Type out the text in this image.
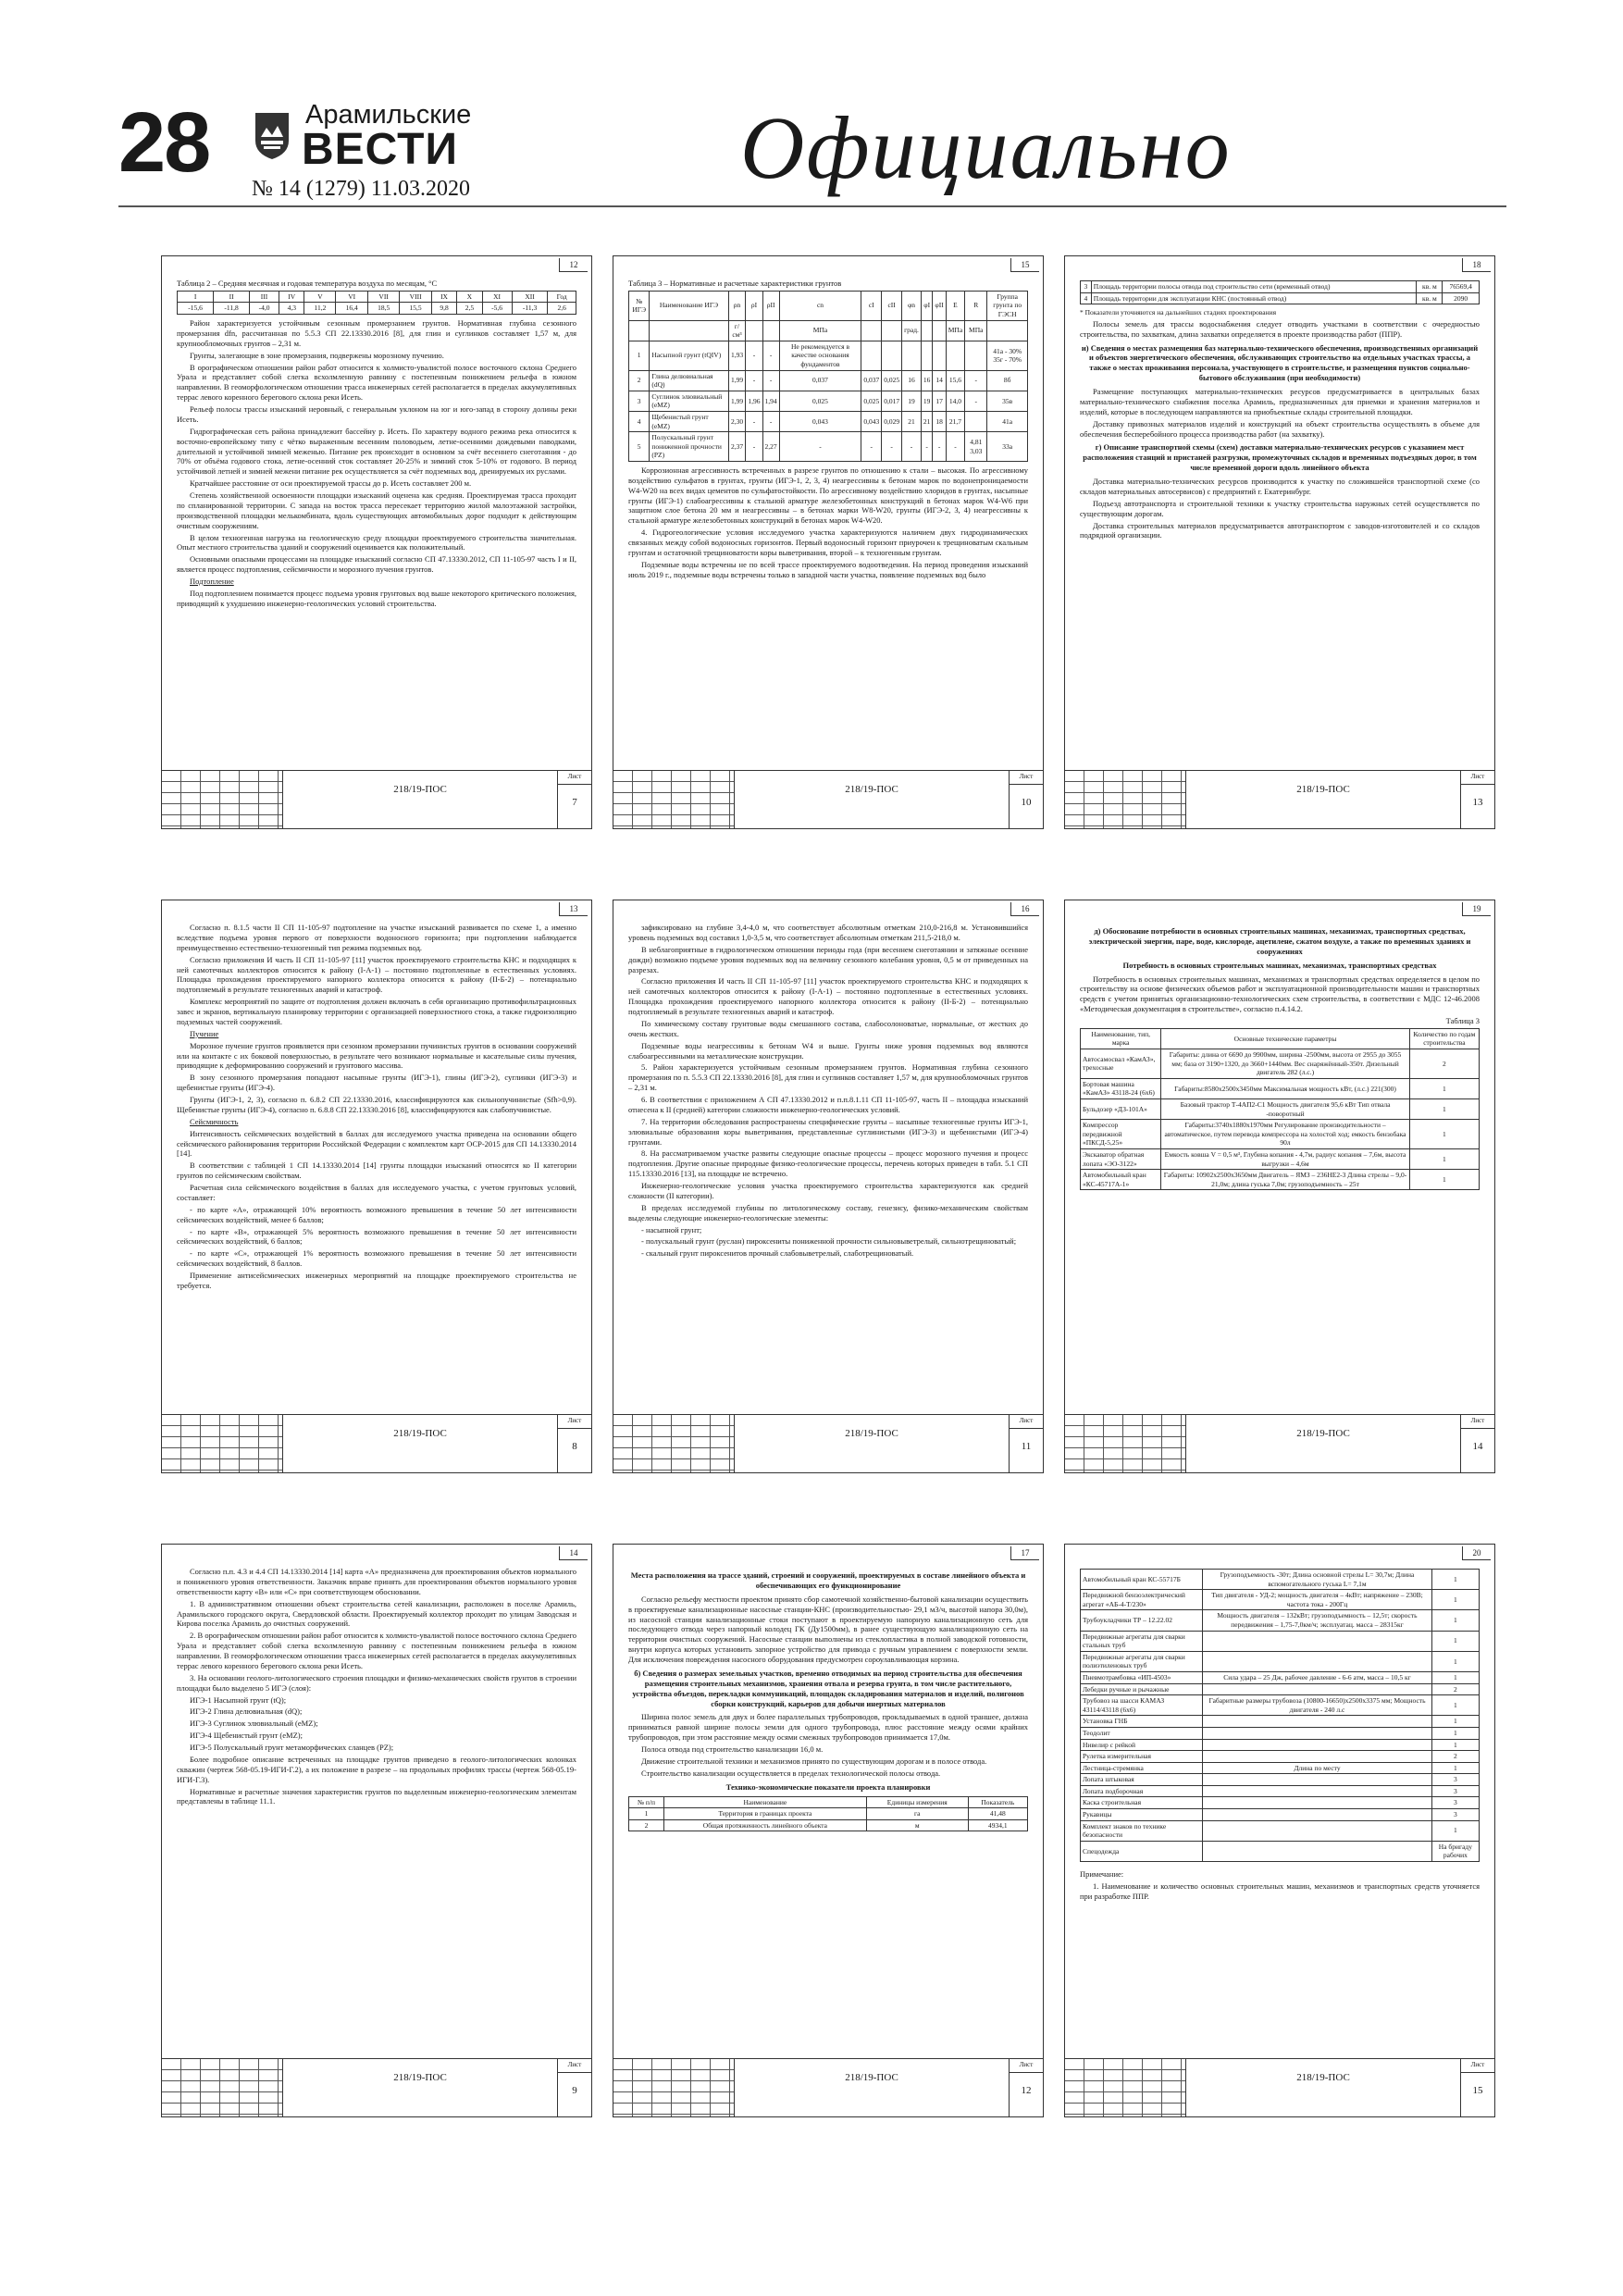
28	Арамильские
ВЕСТИ
№ 14 (1279) 11.03.2020	Официально
12

Таблица 2 – Средняя месячная и годовая температура воздуха по месяцам, °С

I	II	III	IV	V	VI	VII	VIII	IX	X	XI	XII	Год
-15,6	-11,8	-4,0	4,3	11,2	16,4	18,5	15,5	9,8	2,5	-5,6	-11,3	2,6

Район характеризуется устойчивым сезонным промерзанием грунтов. Нормативная глубина сезонного промерзания dfn, рассчитанная по 5.5.3 СП 22.13330.2016 [8], для глин и суглинков составляет 1,57 м, для крупнообломочных грунтов – 2,31 м.

Грунты, залегающие в зоне промерзания, подвержены морозному пучению.

В орографическом отношении район работ относится к холмисто-увалистой полосе восточного склона Среднего Урала и представляет собой слегка всхолмленную равнину с постепенным понижением рельефа в южном направлении. В геоморфологическом отношении трасса инженерных сетей располагается в пределах аккумулятивных террас левого коренного берегового склона реки Исеть.

Рельеф полосы трассы изысканий неровный, с генеральным уклоном на юг и юго-запад в сторону долины реки Исеть.

Гидрографическая сеть района принадлежит бассейну р. Исеть. По характеру водного режима река относится к восточно-европейскому типу с чётко выраженным весенним половодьем, летне-осенними дождевыми паводками, длительной и устойчивой зимней меженью. Питание рек происходит в основном за счёт весеннего снеготаяния - до 70% от объёма годового стока, летне-осенний сток составляет 20-25% и зимний сток 5-10% от годового. В период устойчивой летней и зимней межени питание рек осуществляется за счёт подземных вод, дренируемых их руслами.

Кратчайшее расстояние от оси проектируемой трассы до р. Исеть составляет 200 м.

Степень хозяйственной освоенности площадки изысканий оценена как средняя. Проектируемая трасса проходит по спланированной территории. С запада на восток трасса пересекает территорию жилой малоэтажной застройки, производственной площадки мелькомбината, вдоль существующих автомобильных дорог подходит к действующим очистным сооружениям.

В целом техногенная нагрузка на геологическую среду площадки проектируемого строительства значительная. Опыт местного строительства зданий и сооружений оценивается как положительный.

Основными опасными процессами на площадке изысканий согласно СП 47.13330.2012, СП 11-105-97 часть I и II, является процесс подтопления, сейсмичности и морозного пучения грунтов.

Подтопление

Под подтоплением понимается процесс подъема уровня грунтовых вод выше некоторого критического положения, приводящий к ухудшению инженерно-геологических условий строительства.

218/19-ПОС
Лист
7
15

Таблица 3 – Нормативные и расчетные характеристики грунтов

№ ИГЭ	Наименование ИГЭ	ρn	ρI	ρII	cn	cI	cII	φn	φI	φII	E	R	Группа грунта по ГЭСН
		г/см³			МПа			град.			МПа	МПа	
1	Насыпной грунт (tQIV)	1,93	-	-	Не рекомендуется в качестве основания фундаментов								41а - 30% 35г - 70%
2	Глина делювиальная (dQ)	1,99	-	-	0,037	0,037	0,025	16	16	14	15,6	-	8б
3	Суглинок элювиальный (eMZ)	1,99	1,96	1,94	0,025	0,025	0,017	19	19	17	14,0	-	35в
4	Щебенистый грунт (eMZ)	2,30	-	-	0,043	0,043	0,029	21	21	18	21,7		41а
5	Полускальный грунт пониженной прочности (PZ)	2,37	-	2,27	-	-	-	-	-	-	-	4,81 3,03	33а

Коррозионная агрессивность встреченных в разрезе грунтов по отношению к стали – высокая. По агрессивному воздействию сульфатов в грунтах, грунты (ИГЭ-1, 2, 3, 4) неагрессивны к бетонам марок по водонепроницаемости W4-W20 на всех видах цементов по сульфатостойкости. По агрессивному воздействию хлоридов в грунтах, насыпные грунты (ИГЭ-1) слабоагрессивны к стальной арматуре железобетонных конструкций в бетонах марок W4-W6 при защитном слое бетона 20 мм и неагрессивны – в бетонах марки W8-W20, грунты (ИГЭ-2, 3, 4) неагрессивны к стальной арматуре железобетонных конструкций в бетонах марок W4-W20.

4. Гидрогеологические условия исследуемого участка характеризуются наличием двух гидродинамических связанных между собой водоносных горизонтов. Первый водоносный горизонт приурочен к трещиноватым скальным грунтам и остаточной трещиноватости коры выветривания, второй – к техногенным грунтам.

Подземные воды встречены не по всей трассе проектируемого водоотведения. На период проведения изысканий июль 2019 г., подземные воды встречены только в западной части участка, появление подземных вод было

218/19-ПОС
Лист
10
18
3	Площадь территории полосы отвода под строительство сети (временный отвод)	кв. м	76569,4
4	Площадь территории для эксплуатации КНС (постоянный отвод)	кв. м	2090

* Показатели уточняются на дальнейших стадиях проектирования

Полосы земель для трассы водоснабжения следует отводить участками в соответствии с очередностью строительства, по захваткам, длина захватки определяется в проекте производства работ (ППР).

и) Сведения о местах размещения баз материально-технического обеспечения, производственных организаций и объектов энергетического обеспечения, обслуживающих строительство на отдельных участках трассы, а также о местах проживания персонала, участвующего в строительстве, и размещения пунктов социально-бытового обслуживания (при необходимости)

Размещение поступающих материально-технических ресурсов предусматривается в центральных базах материально-технического снабжения поселка Арамиль, предназначенных для приемки и хранения материалов и изделий, которые в последующем направляются на приобъектные склады строительной площадки.

Доставку привозных материалов изделий и конструкций на объект строительства осуществлять в объеме для обеспечения бесперебойного процесса производства работ (на захватку).

г) Описание транспортной схемы (схем) доставки материально-технических ресурсов с указанием мест расположения станций и пристаней разгрузки, промежуточных складов и временных подъездных дорог, в том числе временной дороги вдоль линейного объекта

Доставка материально-технических ресурсов производится к участку по сложившейся транспортной схеме (со складов материальных автосервисов) с предприятий г. Екатеринбург.

Подъезд автотранспорта и строительной техники к участку строительства наружных сетей осуществляется по существующим дорогам.

Доставка строительных материалов предусматривается автотранспортом с заводов-изготовителей и со складов подрядной организации.

218/19-ПОС
Лист
13
13

Согласно п. 8.1.5 части II СП 11-105-97 подтопление на участке изысканий развивается по схеме 1, а именно вследствие подъема уровня первого от поверхности водоносного горизонта; при подтоплении наблюдается преимущественно естественно-техногенный тип режима подземных вод.

Согласно приложения И часть II СП 11-105-97 [11] участок проектируемого строительства КНС и подходящих к ней самотечных коллекторов относится к району (I-А-1) – постоянно подтопленные в естественных условиях. Площадка прохождения проектируемого напорного коллектора относится к району (II-Б-2) – потенциально подтопляемый в результате техногенных аварий и катастроф.

Комплекс мероприятий по защите от подтопления должен включать в себя организацию противофильтрационных завес и экранов, вертикальную планировку территории с организацией поверхностного стока, а также гидроизоляцию подземных частей сооружений.

Пучение

Морозное пучение грунтов проявляется при сезонном промерзании пучинистых грунтов в основании сооружений или на контакте с их боковой поверхностью, в результате чего возникают нормальные и касательные силы пучения, приводящие к деформированию сооружений и грунтового массива.

В зону сезонного промерзания попадают насыпные грунты (ИГЭ-1), глины (ИГЭ-2), суглинки (ИГЭ-3) и щебенистые грунты (ИГЭ-4).

Грунты (ИГЭ-1, 2, 3), согласно п. 6.8.2 СП 22.13330.2016, классифицируются как сильнопучинистые (Sfh>0,9). Щебенистые грунты (ИГЭ-4), согласно п. 6.8.8 СП 22.13330.2016 [8], классифицируются как слабопучинистые.

Сейсмичность

Интенсивность сейсмических воздействий в баллах для исследуемого участка приведена на основании общего сейсмического районирования территории Российской Федерации с комплектом карт ОСР-2015 для СП 14.13330.2014 [14].

В соответствии с таблицей 1 СП 14.13330.2014 [14] грунты площадки изысканий относятся ко II категории грунтов по сейсмическим свойствам.

Расчетная сила сейсмического воздействия в баллах для исследуемого участка, с учетом грунтовых условий, составляет:

- по карте «А», отражающей 10% вероятность возможного превышения в течение 50 лет интенсивности сейсмических воздействий, менее 6 баллов;

- по карте «В», отражающей 5% вероятность возможного превышения в течение 50 лет интенсивности сейсмических воздействий, 6 баллов;

- по карте «С», отражающей 1% вероятность возможного превышения в течение 50 лет интенсивности сейсмических воздействий, 8 баллов.

Применение антисейсмических инженерных мероприятий на площадке проектируемого строительства не требуется.

218/19-ПОС
Лист
8
16

зафиксировано на глубине 3,4-4,0 м, что соответствует абсолютным отметкам 210,0-216,8 м. Установившийся уровень подземных вод составил 1,0-3,5 м, что соответствует абсолютным отметкам 211,5-218,0 м.

В неблагоприятные в гидрологическом отношении периоды года (при весеннем снеготаянии и затяжные осенние дожди) возможно подъеме уровня подземных вод на величину сезонного колебания уровня, 0,5 м от приведенных на разрезах.

Согласно приложения И часть II СП 11-105-97 [11] участок проектируемого строительства КНС и подходящих к ней самотечных коллекторов относится к району (I-А-1) – постоянно подтопленные в естественных условиях. Площадка прохождения проектируемого напорного коллектора относится к району (II-Б-2) – потенциально подтопляемый в результате техногенных аварий и катастроф.

По химическому составу грунтовые воды смешанного состава, слабосолоноватые, нормальные, от жестких до очень жестких.

Подземные воды неагрессивны к бетонам W4 и выше. Грунты ниже уровня подземных вод являются слабоагрессивными на металлические конструкции.

5. Район характеризуется устойчивым сезонным промерзанием грунтов. Нормативная глубина сезонного промерзания по п. 5.5.3 СП 22.13330.2016 [8], для глин и суглинков составляет 1,57 м, для крупнообломочных грунтов – 2,31 м.

6. В соответствии с приложением А СП 47.13330.2012 и п.п.8.1.11 СП 11-105-97, часть II – площадка изысканий отнесена к II (средней) категории сложности инженерно-геологических условий.

7. На территории обследования распространены специфические грунты – насыпные техногенные грунты ИГЭ-1, элювиальные образования коры выветривания, представленные суглинистыми (ИГЭ-3) и щебенистыми (ИГЭ-4) грунтами.

8. На рассматриваемом участке развиты следующие опасные процессы – процесс морозного пучения и процесс подтопления. Другие опасные природные физико-геологические процессы, перечень которых приведен в табл. 5.1 СП 115.13330.2016 [13], на площадке не встречено.

Инженерно-геологические условия участка проектируемого строительства характеризуются как средней сложности (II категории).

В пределах исследуемой глубины по литологическому составу, генезису, физико-механическим свойствам выделены следующие инженерно-геологические элементы:

- насыпной грунт;

- полускальный грунт (руслан) пироксениты пониженной прочности сильновыветрелый, сильнотрещиноватый;

- скальный грунт пироксенитов прочный слабовыветрелый, слаботрещиноватый.

218/19-ПОС
Лист
11
19

д) Обоснование потребности в основных строительных машинах, механизмах, транспортных средствах, электрической энергии, паре, воде, кислороде, ацетилене, сжатом воздухе, а также по временных зданиях и сооружениях

Потребность в основных строительных машинах, механизмах, транспортных средствах

Потребность в основных строительных машинах, механизмах и транспортных средствах определяется в целом по строительству на основе физических объемов работ и эксплуатационной производительности машин и транспортных средств с учетом принятых организационно-технологических схем строительства, в соответствии с МДС 12-46.2008 «Методическая документация в строительстве», согласно п.4.14.2.

Таблица 3

Наименование, тип, марка	Основные технические параметры	Количество по годам строительства
Автосамосвал «КамАЗ», трехосные	Габариты: длина от 6690 до 9900мм, ширина -2500мм, высота от 2955 до 3055 мм; база от 3190+1320, до 3660+1440мм. Вес снаряжённый-350т. Дизельный двигатель 282 (л.с.)	2
Бортовая машина «КамАЗ» 43118-24 (6х6)	Габариты:8580х2500х3450мм Максимальная мощность кВт, (л.с.) 221(300)	1
Бульдозер «ДЗ-101А»	Базовый трактор Т-4АП2-С1 Мощность двигателя 95,6 кВт Тип отвала -поворотный	1
Компрессор передвижной «ПКСД-5,25»	Габариты:3740х1880х1970мм Регулирование производительности – автоматическое, путем перевода компрессора на холостой ход; емкость бензобака 90л	1
Экскаватор обратная лопата «ЭО-3122»	Емкость ковша V = 0,5 м³, Глубина копания - 4,7м, радиус копания – 7,6м, высота выгрузки – 4,6м	1
Автомобильный кран «КС-45717А-1»	Габариты: 10902х2500х3650мм Двигатель – ЯМЗ – 236НЕ2-3 Длина стрелы – 9,0-21,0м; длина гуська 7,0м; грузоподъемность – 25т	1
218/19-ПОС
Лист
14
14

Согласно п.п. 4.3 и 4.4 СП 14.13330.2014 [14] карта «А» предназначена для проектирования объектов нормального и пониженного уровня ответственности. Заказчик вправе принять для проектирования объектов нормального уровня ответственности карту «В» или «С» при соответствующем обосновании.

1. В административном отношении объект строительства сетей канализации, расположен в поселке Арамиль, Арамильского городского округа, Свердловской области. Проектируемый коллектор проходит по улицам Заводская и Кирова поселка Арамиль до очистных сооружений.

2. В орографическом отношении район работ относится к холмисто-увалистой полосе восточного склона Среднего Урала и представляет собой слегка всхолмленную равнину с постепенным понижением рельефа в южном направлении. В геоморфологическом отношении трасса инженерных сетей располагается в пределах аккумулятивных террас левого коренного берегового склона реки Исеть.

3. На основании геолого-литологического строения площадки и физико-механических свойств грунтов в строении площадки было выделено 5 ИГЭ (слоя):

ИГЭ-1 Насыпной грунт (tQ);

ИГЭ-2 Глина делювиальная (dQ);

ИГЭ-3 Суглинок элювиальный (eMZ);

ИГЭ-4 Щебенистый грунт (eMZ);

ИГЭ-5 Полускальный грунт метаморфических сланцев (PZ);

Более подробное описание встреченных на площадке грунтов приведено в геолого-литологических колонках скважин (чертеж 568-05.19-ИГИ-Г.2), а их положение в разрезе – на продольных профилях трассы (чертеж 568-05.19-ИГИ-Г.3).

Нормативные и расчетные значения характеристик грунтов по выделенным инженерно-геологическим элементам представлены в таблице 11.1.

218/19-ПОС
Лист
9
17

Места расположения на трассе зданий, строений и сооружений, проектируемых в составе линейного объекта и обеспечивающих его функционирование

Согласно рельефу местности проектом принято сбор самотечной хозяйственно-бытовой канализации осуществить в проектируемые канализационные насосные станции-КНС (производительностью- 29,1 м3/ч, высотой напора 30,0м), из насосной станции канализационные стоки поступают в проектируемую напорную канализационную сеть для последующего отвода через напорный колодец ГК (Ду1500мм), в ранее существующую канализационную сеть на территории очистных сооружений. Насосные станции выполнены из стеклопластика в полной заводской готовности, внутри корпуса которых установить запорное устройство для привода с ручным управлением с поверхности земли. Для исключения повреждения насосного оборудования предусмотрен сороулавливающая корзина.

б) Сведения о размерах земельных участков, временно отводимых на период строительства для обеспечения размещения строительных механизмов, хранения отвала и резерва грунта, в том числе растительного, устройства объездов, перекладки коммуникаций, площадок складирования материалов и изделий, полигонов сборки конструкций, карьеров для добычи инертных материалов

Ширина полос земель для двух и более параллельных трубопроводов, прокладываемых в одной траншее, должна приниматься равной ширине полосы земли для одного трубопровода, плюс расстояние между осями крайних трубопроводов, при этом расстояние между осями смежных трубопроводов принимается 17,0м.

Полоса отвода под строительство канализации 16,0 м.

Движение строительной техники и механизмов принято по существующим дорогам и в полосе отвода.

Строительство канализации осуществляется в пределах технологической полосы отвода.

Технико-экономические показатели проекта планировки

№ п/п	Наименование	Единицы измерения	Показатель
1	Территория в границах проекта	га	41,48
2	Общая протяженность линейного объекта	м	4934,1
218/19-ПОС
Лист
12
20
Автомобильный кран КС-55717Б	Грузоподъемность -30т; Длина основной стрелы L= 30,7м; Длина вспомогательного гуська L= 7,1м	1
Передвижной бензоэлектрический агрегат «АБ-4-Т/230»	Тип двигателя - УД-2; мощность двигателя – 4кВт; напряжение – 230В; частота тока - 200Гц	1
Трубоукладчики ТР – 12.22.02	Мощность двигателя – 132кВт; грузоподъемность – 12,5т; скорость передвижения – 1,75-7,0км/ч; эксплуатац. масса – 28315кг	1
Передвижные агрегаты для сварки стальных труб		1
Передвижные агрегаты для сварки полиэтиленовых труб		1
Пневмотрамбовка «ИП-4503»	Сила удара – 25 Дж, рабочее давление - 6-6 атм, масса – 10,5 кг	1
Лебедки ручные и рычажные		2
Трубовоз на шасси КАМАЗ 43114/43118 (6х6)	Габаритные размеры трубовоза (10800-16650)х2500х3375 мм; Мощность двигателя - 240 л.с	1
Установка ГНБ		1
Теодолит		1
Нивелир с рейкой		1
Рулетка измерительная		2
Лестница-стремянка	Длина по месту	1
Лопата штыковая		3
Лопата подборочная		3
Каска строительная		3
Рукавицы		3
Комплект знаков по технике безопасности		1
Спецодежда		На бригаду рабочих

Примечание:

1. Наименование и количество основных строительных машин, механизмов и транспортных средств уточняется при разработке ППР.

218/19-ПОС
Лист
15
